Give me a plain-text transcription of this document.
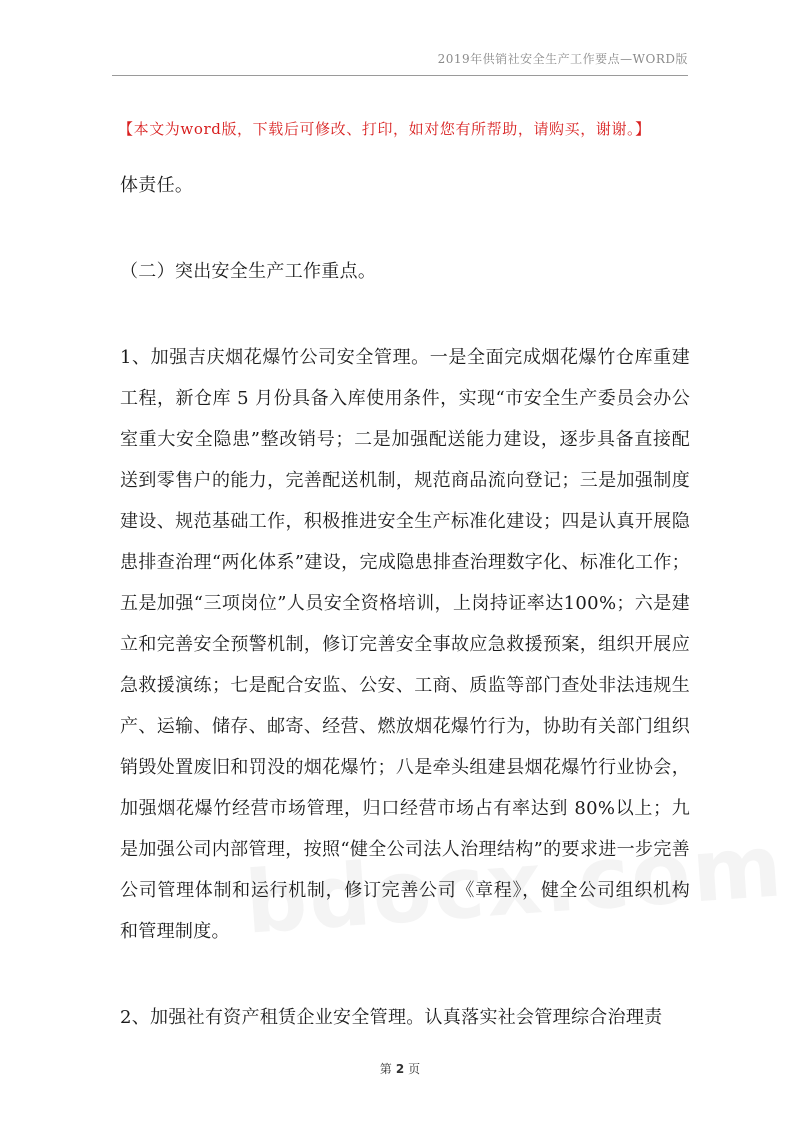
2019年供销社安全生产工作要点—WORD版
【本文为word版，下载后可修改、打印，如对您有所帮助，请购买，谢谢。】

体责任。

（二）突出安全生产工作重点。

1、加强吉庆烟花爆竹公司安全管理。一是全面完成烟花爆竹仓库重建工程，新仓库 5 月份具备入库使用条件，实现“市安全生产委员会办公室重大安全隐患”整改销号；二是加强配送能力建设，逐步具备直接配送到零售户的能力，完善配送机制，规范商品流向登记；三是加强制度建设、规范基础工作，积极推进安全生产标准化建设；四是认真开展隐患排查治理“两化体系”建设，完成隐患排查治理数字化、标准化工作；五是加强“三项岗位”人员安全资格培训，上岗持证率达100%；六是建立和完善安全预警机制，修订完善安全事故应急救援预案，组织开展应急救援演练；七是配合安监、公安、工商、质监等部门查处非法违规生产、运输、储存、邮寄、经营、燃放烟花爆竹行为，协助有关部门组织销毁处置废旧和罚没的烟花爆竹；八是牵头组建县烟花爆竹行业协会，加强烟花爆竹经营市场管理，归口经营市场占有率达到 80%以上；九是加强公司内部管理，按照“健全公司法人治理结构”的要求进一步完善公司管理体制和运行机制，修订完善公司《章程》，健全公司组织机构和管理制度。

2、加强社有资产租赁企业安全管理。认真落实社会管理综合治理责

第 2 页
